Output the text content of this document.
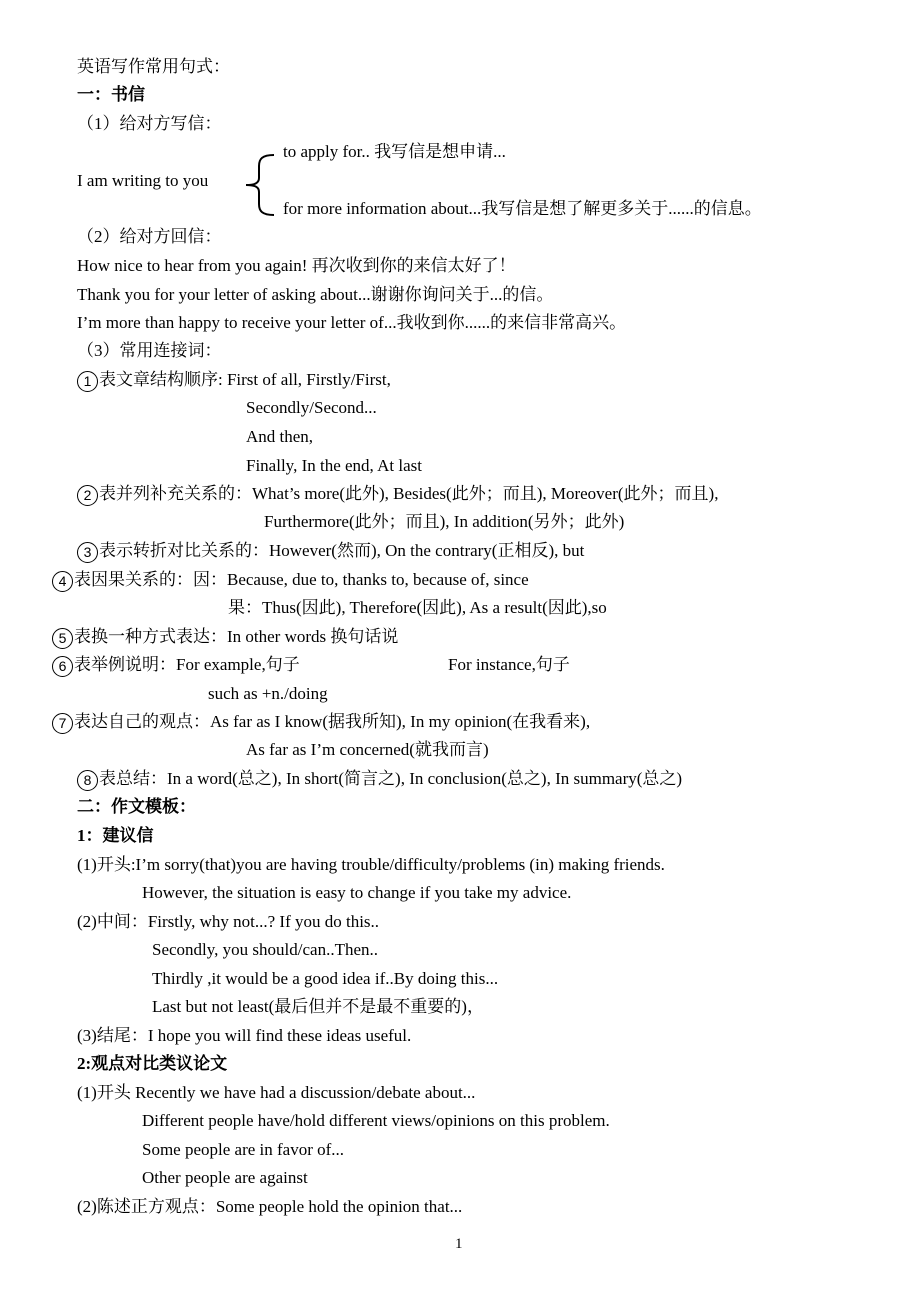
英语写作常用句式：
一：书信
（1）给对方写信：
to apply for.. 我写信是想申请...
I am writing to you
for more information about...我写信是想了解更多关于......的信息。
（2）给对方回信：
How nice to hear from you again! 再次收到你的来信太好了！
Thank you for your letter of asking about...谢谢你询问关于...的信。
I’m more than happy to receive your letter of...我收到你......的来信非常高兴。
（3）常用连接词：
1 表文章结构顺序: First of all, Firstly/First,
Secondly/Second...
And then,
Finally, In the end, At last
2 表并列补充关系的：What’s more(此外), Besides(此外；而且), Moreover(此外；而且),
Furthermore(此外；而且), In addition(另外；此外)
3 表示转折对比关系的：However(然而), On the contrary(正相反), but
4 表因果关系的：因：Because, due to, thanks to, because of, since
果：Thus(因此), Therefore(因此), As a result(因此),so
5 表换一种方式表达：In other words 换句话说
6 表举例说明：For example,句子	For instance,句子
such as +n./doing
7 表达自己的观点：As far as I know(据我所知), In my opinion(在我看来),
As far as I’m concerned(就我而言)
8 表总结：In a word(总之), In short(简言之), In conclusion(总之), In summary(总之)
二：作文模板：
1：建议信
(1)开头:I’m sorry(that)you are having trouble/difficulty/problems (in) making friends.
However, the situation is easy to change if you take my advice.
(2)中间：Firstly, why not...? If you do this..
Secondly, you should/can..Then..
Thirdly ,it would be a good idea if..By doing this...
Last but not least(最后但并不是最不重要的)，
(3)结尾：I hope you will find these ideas useful.
2:观点对比类议论文
(1)开头 Recently we have had a discussion/debate about...
Different people have/hold different views/opinions on this problem.
Some people are in favor of...
Other people are against
(2)陈述正方观点：Some people hold the opinion that...
1
